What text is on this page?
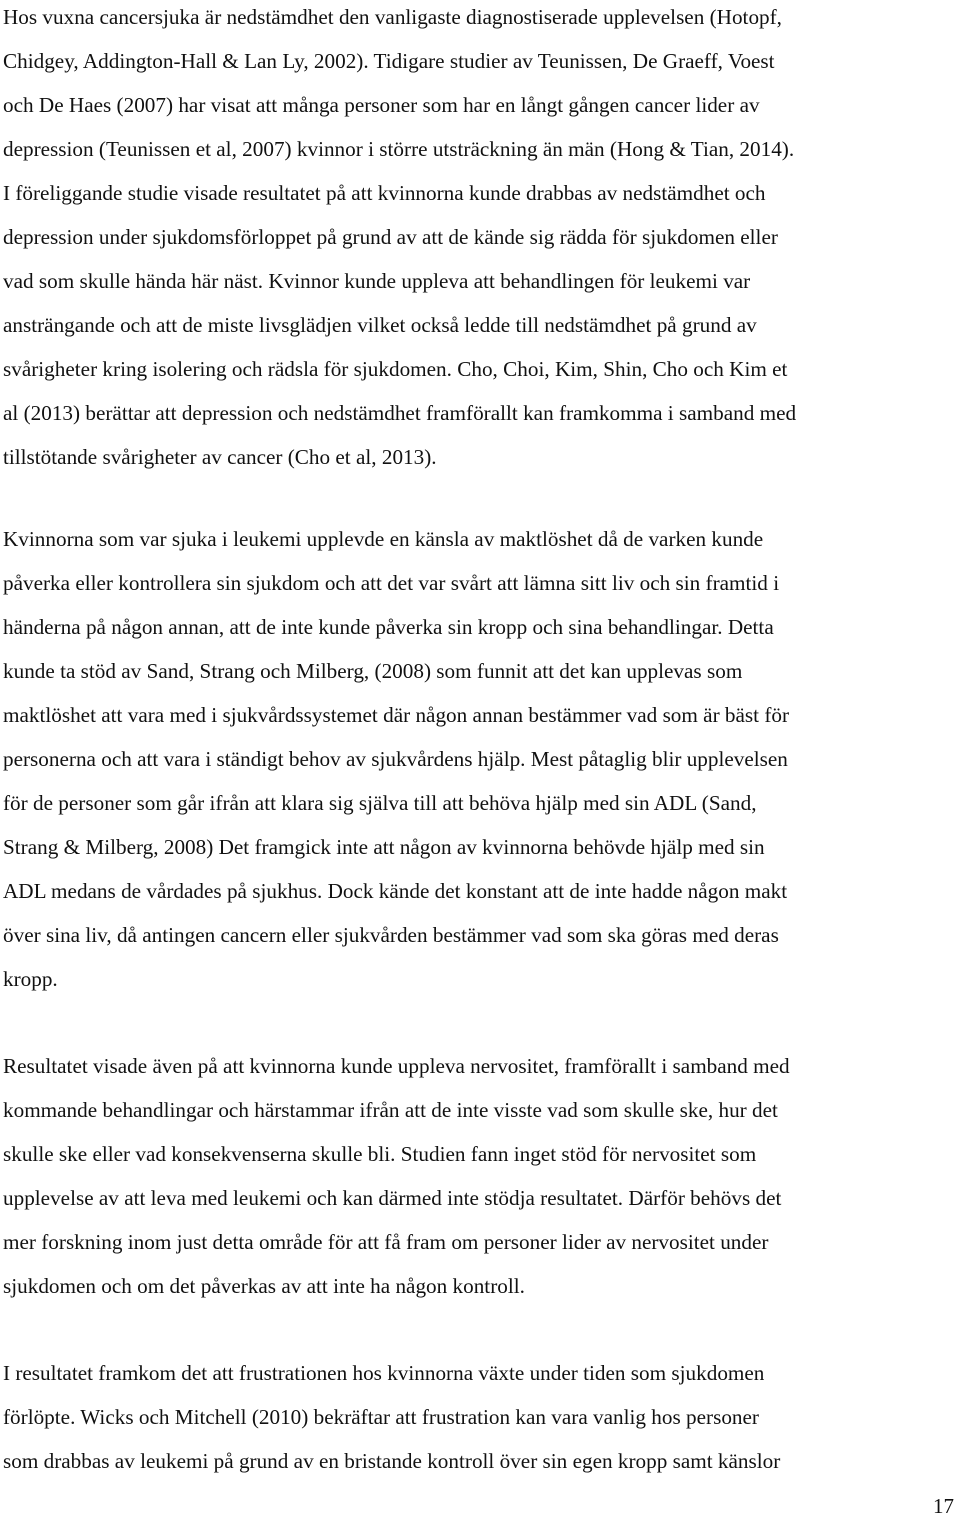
Hos vuxna cancersjuka är nedstämdhet den vanligaste diagnostiserade upplevelsen (Hotopf,
Chidgey, Addington-Hall & Lan Ly, 2002). Tidigare studier av Teunissen, De Graeff, Voest
och De Haes (2007) har visat att många personer som har en långt gången cancer lider av
depression (Teunissen et al, 2007) kvinnor i större utsträckning än män (Hong & Tian, 2014).
I föreliggande studie visade resultatet på att kvinnorna kunde drabbas av nedstämdhet och
depression under sjukdomsförloppet på grund av att de kände sig rädda för sjukdomen eller
vad som skulle hända här näst. Kvinnor kunde uppleva att behandlingen för leukemi var
ansträngande och att de miste livsglädjen vilket också ledde till nedstämdhet på grund av
svårigheter kring isolering och rädsla för sjukdomen. Cho, Choi, Kim, Shin, Cho och Kim et
al (2013) berättar att depression och nedstämdhet framförallt kan framkomma i samband med
tillstötande svårigheter av cancer (Cho et al, 2013).

Kvinnorna som var sjuka i leukemi upplevde en känsla av maktlöshet då de varken kunde
påverka eller kontrollera sin sjukdom och att det var svårt att lämna sitt liv och sin framtid i
händerna på någon annan, att de inte kunde påverka sin kropp och sina behandlingar. Detta
kunde ta stöd av Sand, Strang och Milberg, (2008) som funnit att det kan upplevas som
maktlöshet att vara med i sjukvårdssystemet där någon annan bestämmer vad som är bäst för
personerna och att vara i ständigt behov av sjukvårdens hjälp. Mest påtaglig blir upplevelsen
för de personer som går ifrån att klara sig själva till att behöva hjälp med sin ADL (Sand,
Strang & Milberg, 2008) Det framgick inte att någon av kvinnorna behövde hjälp med sin
ADL medans de vårdades på sjukhus. Dock kände det konstant att de inte hadde någon makt
över sina liv, då antingen cancern eller sjukvården bestämmer vad som ska göras med deras
kropp.

Resultatet visade även på att kvinnorna kunde uppleva nervositet, framförallt i samband med
kommande behandlingar och härstammar ifrån att de inte visste vad som skulle ske, hur det
skulle ske eller vad konsekvenserna skulle bli. Studien fann inget stöd för nervositet som
upplevelse av att leva med leukemi och kan därmed inte stödja resultatet. Därför behövs det
mer forskning inom just detta område för att få fram om personer lider av nervositet under
sjukdomen och om det påverkas av att inte ha någon kontroll.

I resultatet framkom det att frustrationen hos kvinnorna växte under tiden som sjukdomen
förlöpte. Wicks och Mitchell (2010) bekräftar att frustration kan vara vanlig hos personer
som drabbas av leukemi på grund av en bristande kontroll över sin egen kropp samt känslor

17
